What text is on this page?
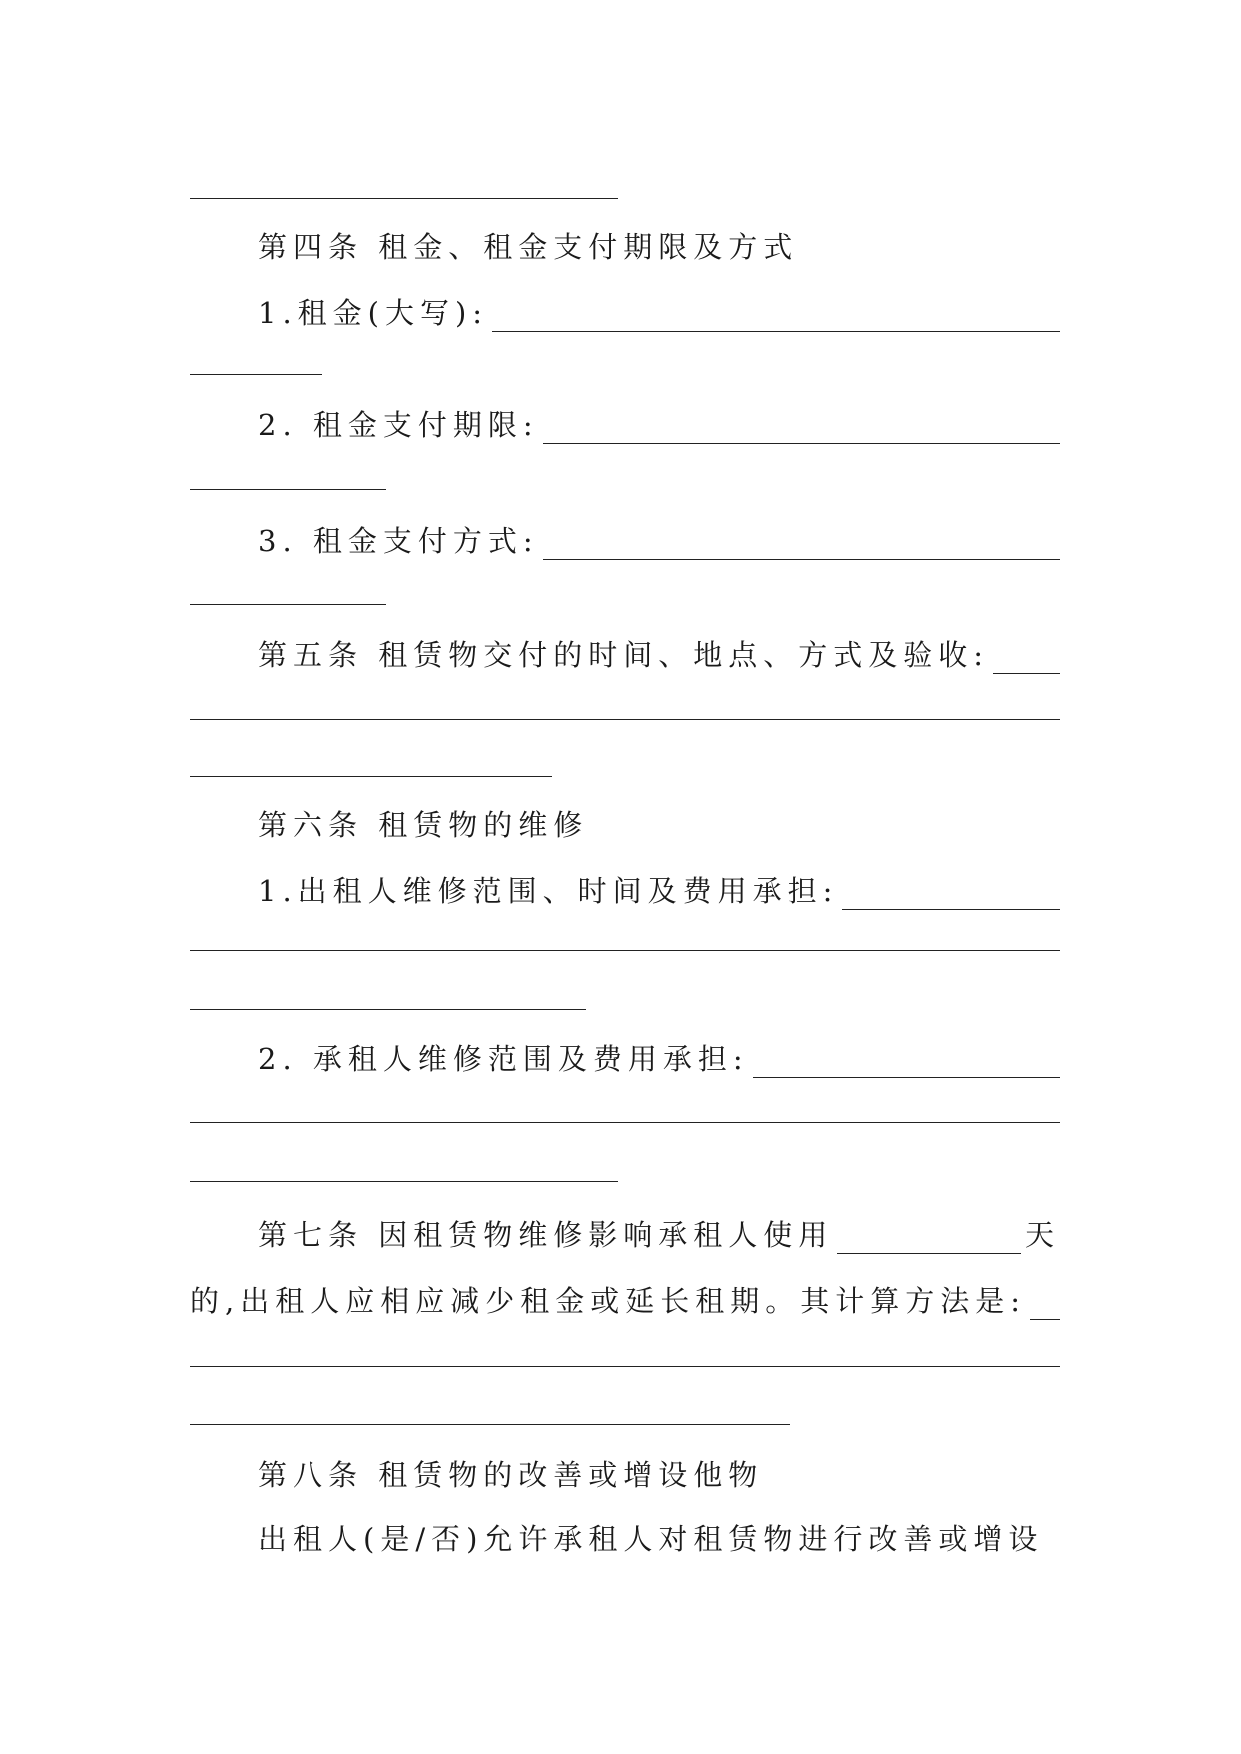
第四条 租金、租金支付期限及方式
1.租金(大写):
2. 租金支付期限:
3. 租金支付方式:
第五条 租赁物交付的时间、地点、方式及验收:
第六条 租赁物的维修
1.出租人维修范围、时间及费用承担:
2. 承租人维修范围及费用承担:
第七条 因租赁物维修影响承租人使用	天
的,出租人应相应减少租金或延长租期。其计算方法是:
第八条 租赁物的改善或增设他物
出租人(是/否)允许承租人对租赁物进行改善或增设
